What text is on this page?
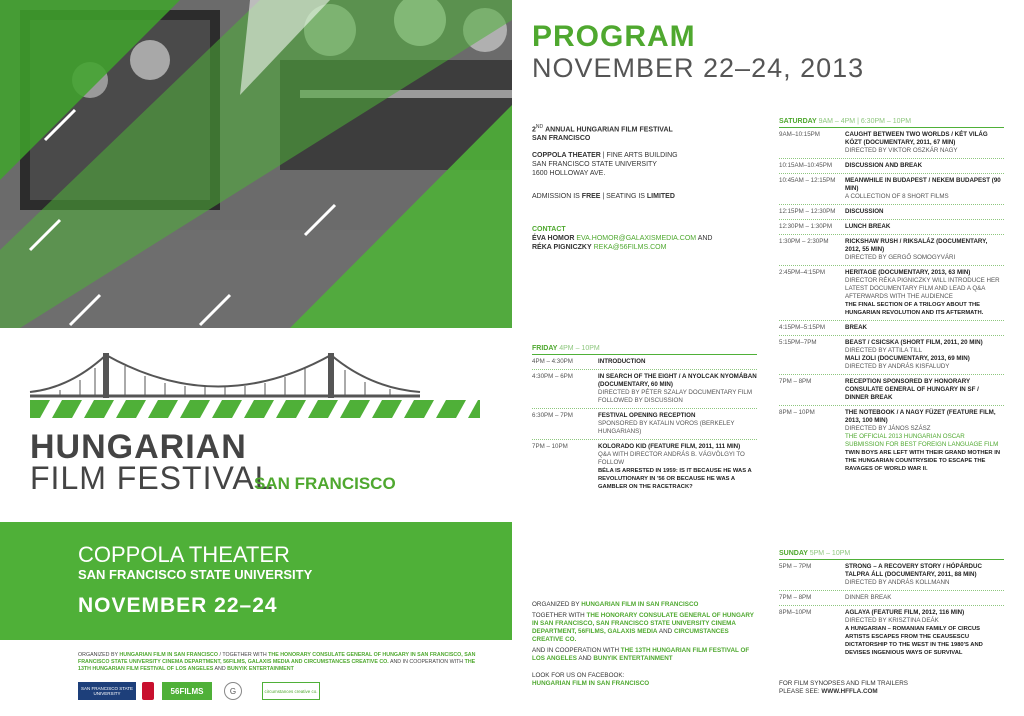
HUNGARIAN
FILM FESTIVAL
SAN FRANCISCO
COPPOLA THEATER
SAN FRANCISCO STATE UNIVERSITY
NOVEMBER 22–24
ORGANIZED BY HUNGARIAN FILM IN SAN FRANCISCO / TOGETHER WITH THE HONORARY CONSULATE GENERAL OF HUNGARY IN SAN FRANCISCO, SAN FRANCISCO STATE UNIVERSITY CINEMA DEPARTMENT, 56FILMS, GALAXIS MEDIA AND CIRCUMSTANCES CREATIVE CO. AND IN COOPERATION WITH THE 13TH HUNGARIAN FILM FESTIVAL OF LOS ANGELES AND BUNYIK ENTERTAINMENT
SAN FRANCISCO STATE UNIVERSITY	56FILMS	G	circumstances creative co.
PROGRAM
NOVEMBER 22–24, 2013
2ND ANNUAL HUNGARIAN FILM FESTIVAL
SAN FRANCISCO
COPPOLA THEATER | FINE ARTS BUILDING
SAN FRANCISCO STATE UNIVERSITY
1600 HOLLOWAY AVE.
ADMISSION IS FREE | SEATING IS LIMITED
CONTACT
ÉVA HOMOR EVA.HOMOR@GALAXISMEDIA.COM AND
RÉKA PIGNICZKY REKA@56FILMS.COM
FRIDAY 4PM – 10PM
4PM – 4:30PM	INTRODUCTION
4:30PM – 6PM	IN SEARCH OF THE EIGHT / A NYOLCAK NYOMÁBAN (DOCUMENTARY, 60 MIN)
DIRECTED BY PÉTER SZALAY DOCUMENTARY FILM FOLLOWED BY DISCUSSION
6:30PM – 7PM	FESTIVAL OPENING RECEPTION
SPONSORED BY KATALIN VOROS (BERKELEY HUNGARIANS)
7PM – 10PM	KOLORADO KID (FEATURE FILM, 2011, 111 MIN)
Q&A WITH DIRECTOR ANDRÁS B. VÁGVÖLGYI TO FOLLOW
BÉLA IS ARRESTED IN 1959: IS IT BECAUSE HE WAS A REVOLUTIONARY IN '56 OR BECAUSE HE WAS A GAMBLER ON THE RACETRACK?
ORGANIZED BY HUNGARIAN FILM IN SAN FRANCISCO
TOGETHER WITH THE HONORARY CONSULATE GENERAL OF HUNGARY IN SAN FRANCISCO, SAN FRANCISCO STATE UNIVERSITY CINEMA DEPARTMENT, 56FILMS, GALAXIS MEDIA AND CIRCUMSTANCES CREATIVE CO.
AND IN COOPERATION WITH THE 13TH HUNGARIAN FILM FESTIVAL OF LOS ANGELES AND BUNYIK ENTERTAINMENT
LOOK FOR US ON FACEBOOK:
HUNGARIAN FILM IN SAN FRANCISCO
SATURDAY 9AM – 4PM | 6:30PM – 10PM
9AM–10:15PM	CAUGHT BETWEEN TWO WORLDS / KÉT VILÁG KÖZT (DOCUMENTARY, 2011, 67 MIN)
DIRECTED BY VIKTOR OSZKÁR NAGY
10:15AM–10:45PM	DISCUSSION AND BREAK
10:45AM – 12:15PM	MEANWHILE IN BUDAPEST / NEKEM BUDAPEST (90 MIN)
A COLLECTION OF 8 SHORT FILMS
12:15PM – 12:30PM	DISCUSSION
12:30PM – 1:30PM	LUNCH BREAK
1:30PM – 2:30PM	RICKSHAW RUSH / RIKSALÁZ (DOCUMENTARY, 2012, 55 MIN)
DIRECTED BY GERGŐ SOMOGYVÁRI
2:45PM–4:15PM	HERITAGE (DOCUMENTARY, 2013, 63 MIN)
DIRECTOR RÉKA PIGNICZKY WILL INTRODUCE HER LATEST DOCUMENTARY FILM AND LEAD A Q&A AFTERWARDS WITH THE AUDIENCE
THE FINAL SECTION OF A TRILOGY ABOUT THE HUNGARIAN REVOLUTION AND ITS AFTERMATH.
4:15PM–5:15PM	BREAK
5:15PM–7PM	BEAST / CSICSKA (SHORT FILM, 2011, 20 MIN)
DIRECTED BY ATTILA TILL
MALI ZOLI (DOCUMENTARY, 2013, 69 MIN)
DIRECTED BY ANDRÁS KISFALUDY
7PM – 8PM	RECEPTION SPONSORED BY HONORARY CONSULATE GENERAL OF HUNGARY IN SF / DINNER BREAK
8PM – 10PM	THE NOTEBOOK / A NAGY FÜZET (FEATURE FILM, 2013, 100 MIN)
DIRECTED BY JÁNOS SZÁSZ
THE OFFICIAL 2013 HUNGARIAN OSCAR SUBMISSION FOR BEST FOREIGN LANGUAGE FILM
TWIN BOYS ARE LEFT WITH THEIR GRAND MOTHER IN THE HUNGARIAN COUNTRYSIDE TO ESCAPE THE RAVAGES OF WORLD WAR II.
SUNDAY 5PM – 10PM
5PM – 7PM	STRONG – A RECOVERY STORY / HÓPÁRDUC TALPRA ÁLL (DOCUMENTARY, 2011, 88 MIN)
DIRECTED BY ANDRÁS KOLLMANN
7PM – 8PM	DINNER BREAK
8PM–10PM	AGLAYA (FEATURE FILM, 2012, 116 MIN)
DIRECTED BY KRISZTINA DEÁK
A HUNGARIAN – ROMANIAN FAMILY OF CIRCUS ARTISTS ESCAPES FROM THE CEAUSESCU DICTATORSHIP TO THE WEST IN THE 1980'S AND DEVISES INGENIOUS WAYS OF SURVIVAL
FOR FILM SYNOPSES AND FILM TRAILERS
PLEASE SEE: WWW.HFFLA.COM
